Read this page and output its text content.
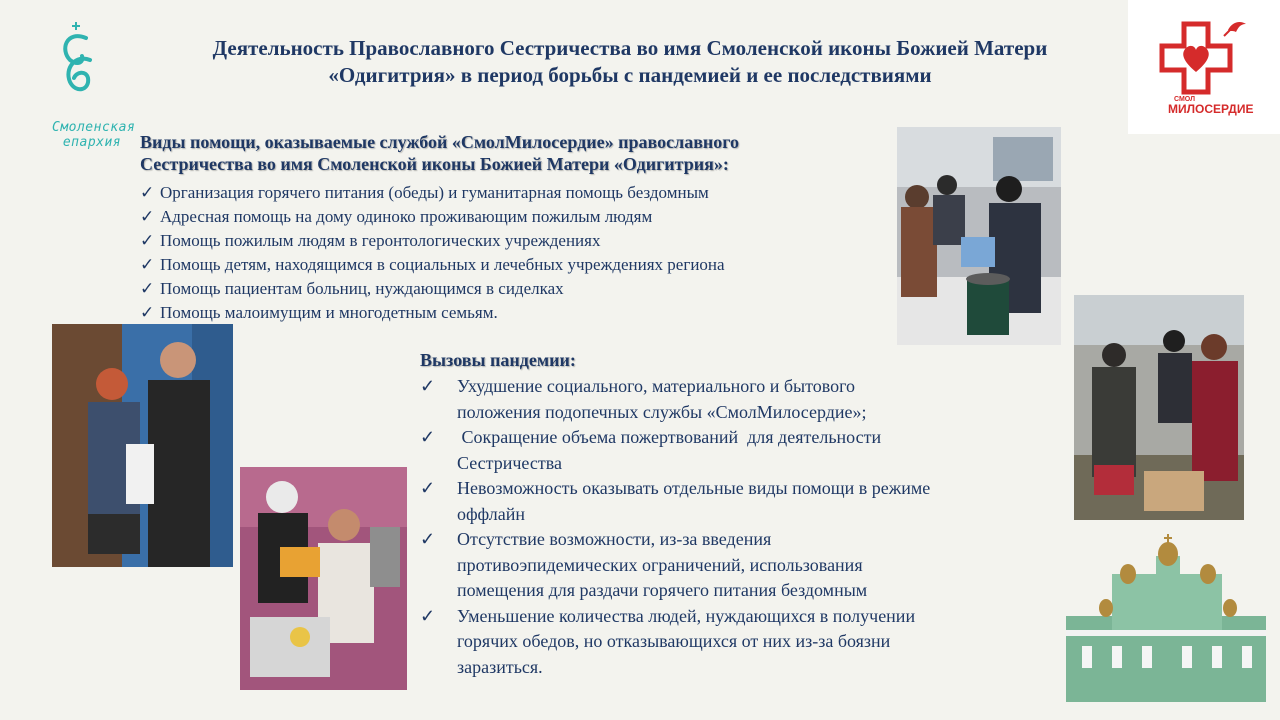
Смоленская
епархия
СМОЛ
МИЛОСЕРДИЕ
Деятельность Православного Сестричества во имя Смоленской иконы Божией Матери
«Одигитрия» в период борьбы с пандемией и ее последствиями
Виды помощи, оказываемые службой «СмолМилосердие» православного
Сестричества во имя Смоленской иконы Божией Матери «Одигитрия»:
✓ Организация горячего питания (обеды) и гуманитарная помощь бездомным
✓ Адресная помощь на дому одиноко проживающим пожилым людям
✓ Помощь пожилым людям в геронтологических учреждениях
✓ Помощь детям, находящимся в социальных и лечебных учреждениях региона
✓ Помощь пациентам больниц, нуждающимся в сиделках
✓ Помощь малоимущим и многодетным семьям.
Вызовы пандемии:
✓ Ухудшение социального, материального и бытового
положения подопечных службы «СмолМилосердие»;
✓ Сокращение объема пожертвований  для деятельности
Сестричества
✓ Невозможность оказывать отдельные виды помощи в режиме
оффлайн
✓ Отсутствие возможности, из-за введения
противоэпидемических ограничений, использования
помещения для раздачи горячего питания бездомным
✓ Уменьшение количества людей, нуждающихся в получении
горячих обедов, но отказывающихся от них из-за боязни
заразиться.
